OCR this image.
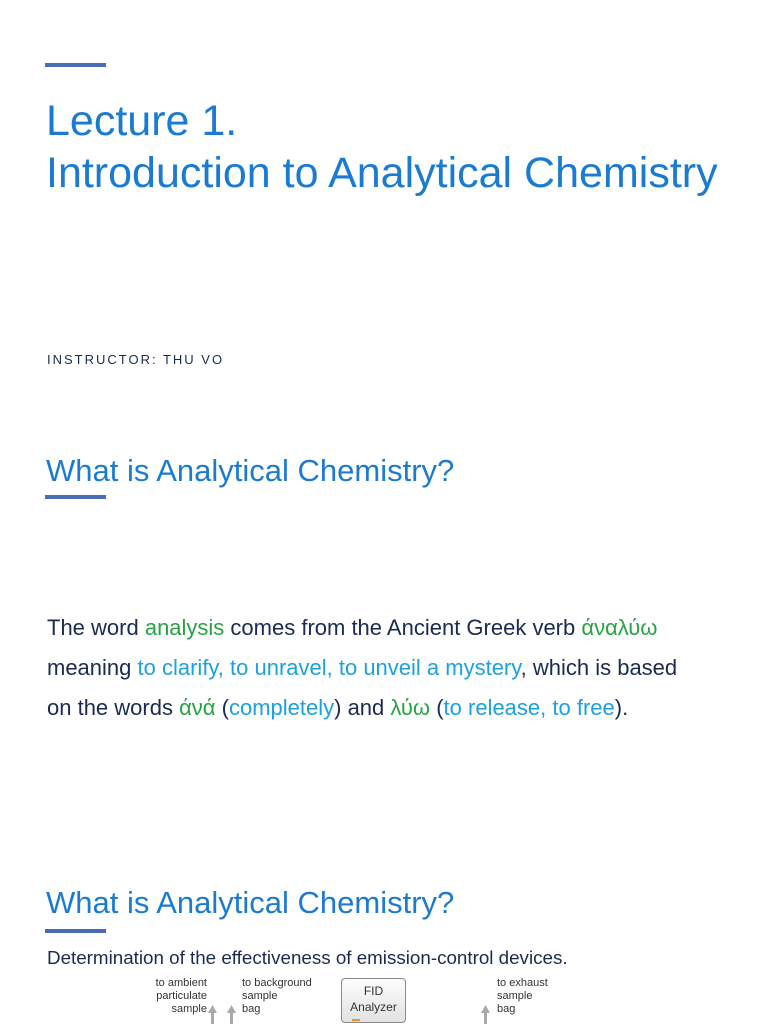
Lecture 1.
Introduction to Analytical Chemistry
INSTRUCTOR: THU VO
What is Analytical Chemistry?
The word analysis comes from the Ancient Greek verb άναλύω
meaning to clarify, to unravel, to unveil a mystery, which is based
on the words άνά (completely) and λύω (to release, to free).
What is Analytical Chemistry?
Determination of the effectiveness of emission-control devices.
to ambient
particulate
sample
to background
sample
bag
FID
Analyzer
to exhaust
sample
bag
